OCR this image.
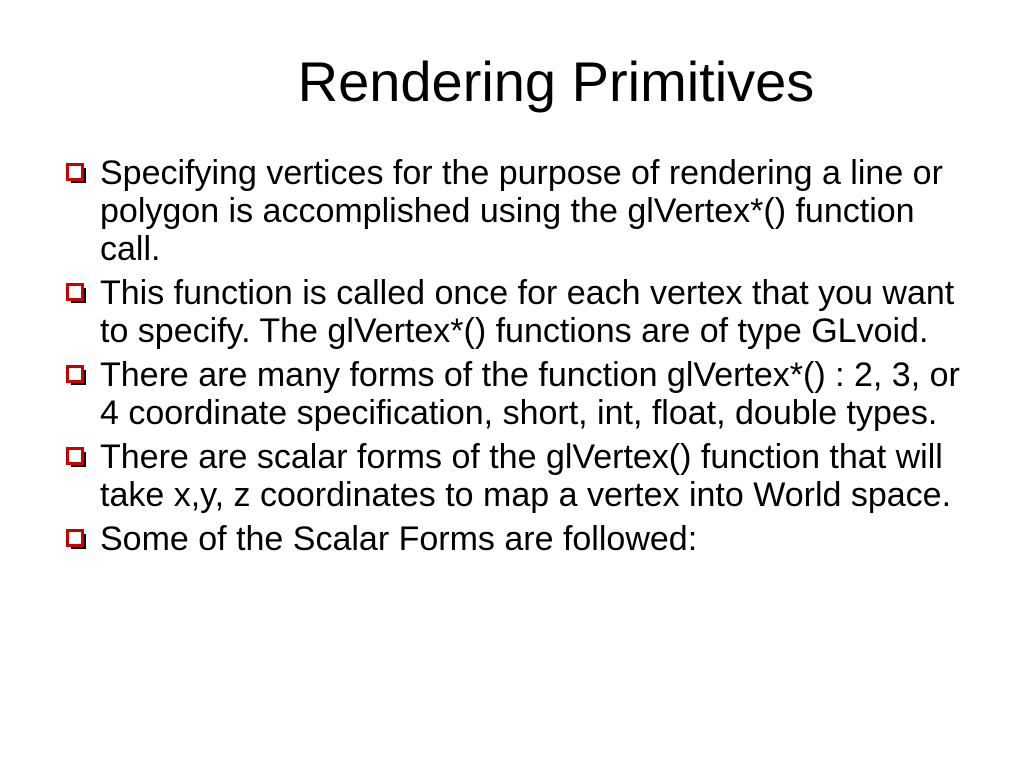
Rendering Primitives
Specifying vertices for the purpose of rendering a line or polygon is accomplished using the glVertex*() function call.
This function is called once for each vertex that you want to specify. The glVertex*() functions are of type GLvoid.
There are many forms of the function glVertex*() : 2, 3, or 4 coordinate specification, short, int, float, double types.
There are scalar forms of the glVertex() function that will take x,y, z coordinates to map a vertex into World space.
Some of the Scalar Forms are followed:
